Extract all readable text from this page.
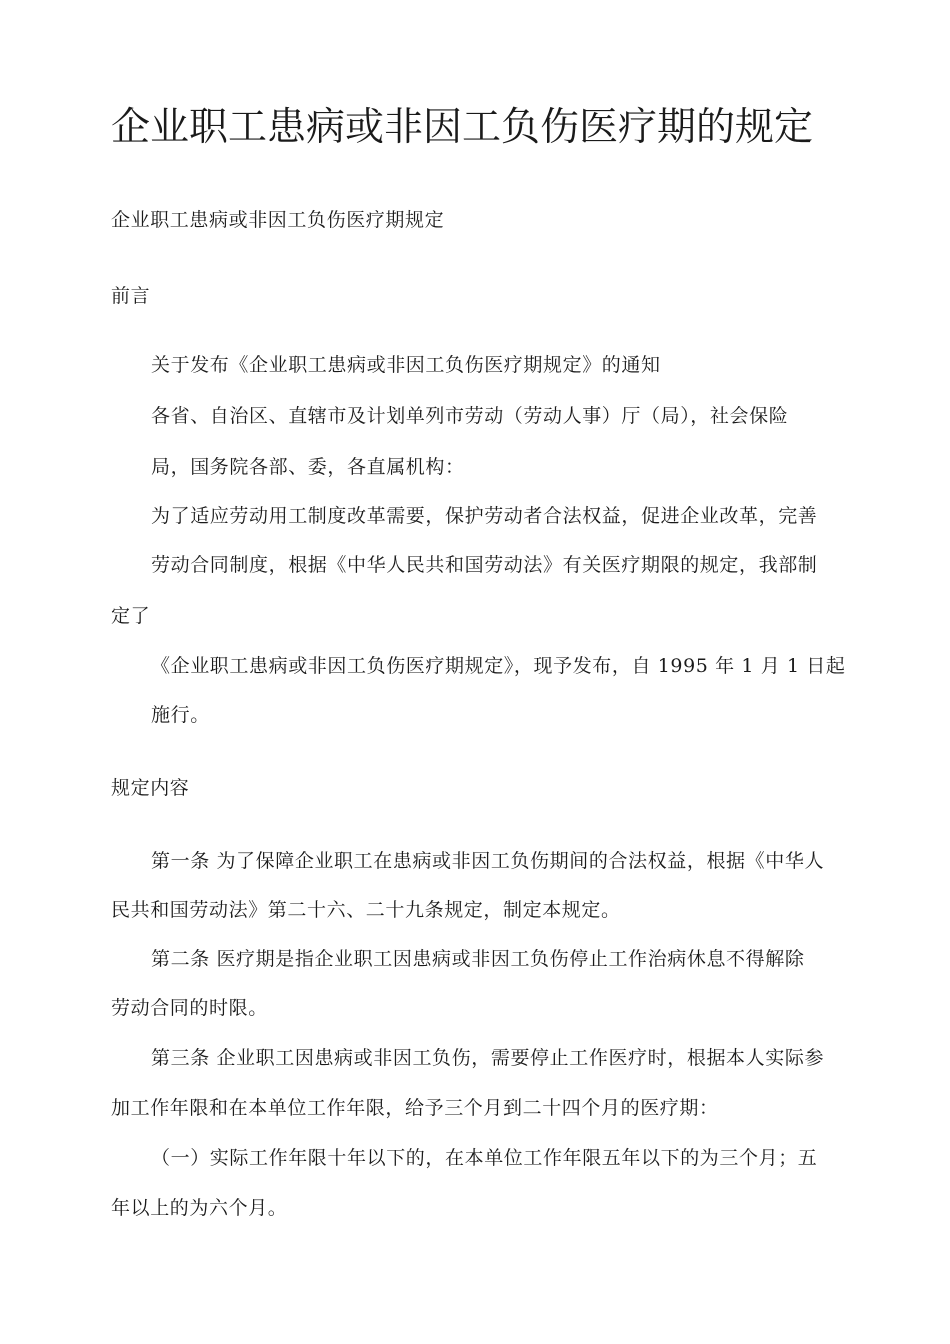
企业职工患病或非因工负伤医疗期的规定
企业职工患病或非因工负伤医疗期规定
前言
关于发布《企业职工患病或非因工负伤医疗期规定》的通知
各省、自治区、直辖市及计划单列市劳动（劳动人事）厅（局），社会保险
局，国务院各部、委，各直属机构：
为了适应劳动用工制度改革需要，保护劳动者合法权益，促进企业改革，完善
劳动合同制度，根据《中华人民共和国劳动法》有关医疗期限的规定，我部制
定了
《企业职工患病或非因工负伤医疗期规定》，现予发布，自 1995 年 1 月 1 日起
施行。
规定内容
第一条 为了保障企业职工在患病或非因工负伤期间的合法权益，根据《中华人
民共和国劳动法》第二十六、二十九条规定，制定本规定。
第二条 医疗期是指企业职工因患病或非因工负伤停止工作治病休息不得解除
劳动合同的时限。
第三条 企业职工因患病或非因工负伤，需要停止工作医疗时，根据本人实际参
加工作年限和在本单位工作年限，给予三个月到二十四个月的医疗期：
（一）实际工作年限十年以下的，在本单位工作年限五年以下的为三个月；五
年以上的为六个月。
